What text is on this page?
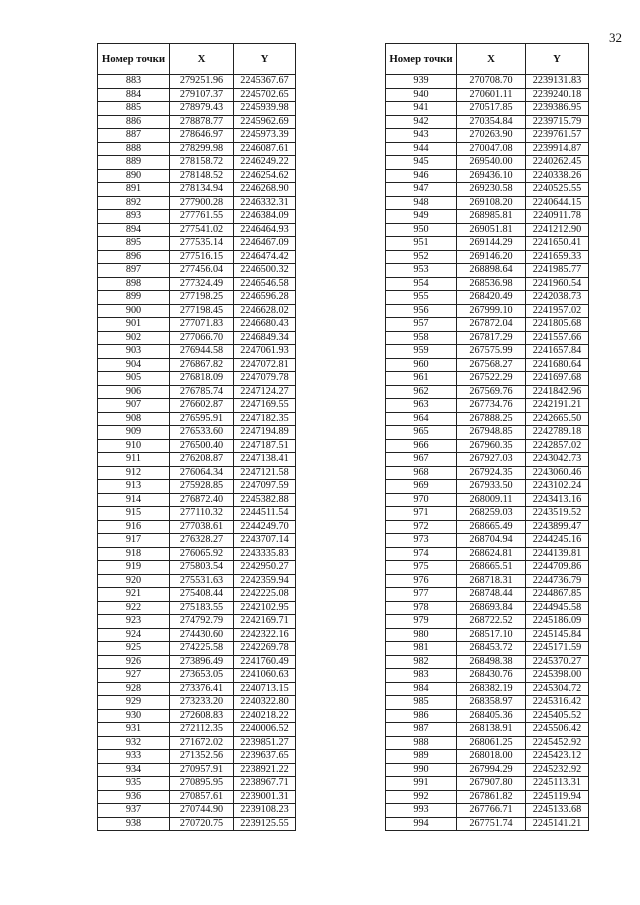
32
Номер точки	X	Y
883	279251.96	2245367.67
884	279107.37	2245702.65
885	278979.43	2245939.98
886	278878.77	2245962.69
887	278646.97	2245973.39
888	278299.98	2246087.61
889	278158.72	2246249.22
890	278148.52	2246254.62
891	278134.94	2246268.90
892	277900.28	2246332.31
893	277761.55	2246384.09
894	277541.02	2246464.93
895	277535.14	2246467.09
896	277516.15	2246474.42
897	277456.04	2246500.32
898	277324.49	2246546.58
899	277198.25	2246596.28
900	277198.45	2246628.02
901	277071.83	2246680.43
902	277066.70	2246849.34
903	276944.58	2247061.93
904	276867.82	2247072.81
905	276818.09	2247079.78
906	276785.74	2247124.27
907	276602.87	2247169.55
908	276595.91	2247182.35
909	276533.60	2247194.89
910	276500.40	2247187.51
911	276208.87	2247138.41
912	276064.34	2247121.58
913	275928.85	2247097.59
914	276872.40	2245382.88
915	277110.32	2244511.54
916	277038.61	2244249.70
917	276328.27	2243707.14
918	276065.92	2243335.83
919	275803.54	2242950.27
920	275531.63	2242359.94
921	275408.44	2242225.08
922	275183.55	2242102.95
923	274792.79	2242169.71
924	274430.60	2242322.16
925	274225.58	2242269.78
926	273896.49	2241760.49
927	273653.05	2241060.63
928	273376.41	2240713.15
929	273233.20	2240322.80
930	272608.83	2240218.22
931	272112.35	2240006.52
932	271672.02	2239851.27
933	271352.56	2239637.65
934	270957.91	2238921.22
935	270895.95	2238967.71
936	270857.61	2239001.31
937	270744.90	2239108.23
938	270720.75	2239125.55
Номер точки	X	Y
939	270708.70	2239131.83
940	270601.11	2239240.18
941	270517.85	2239386.95
942	270354.84	2239715.79
943	270263.90	2239761.57
944	270047.08	2239914.87
945	269540.00	2240262.45
946	269436.10	2240338.26
947	269230.58	2240525.55
948	269108.20	2240644.15
949	268985.81	2240911.78
950	269051.81	2241212.90
951	269144.29	2241650.41
952	269146.20	2241659.33
953	268898.64	2241985.77
954	268536.98	2241960.54
955	268420.49	2242038.73
956	267999.10	2241957.02
957	267872.04	2241805.68
958	267817.29	2241557.66
959	267575.99	2241657.84
960	267568.27	2241680.64
961	267522.29	2241697.68
962	267569.76	2241842.96
963	267734.76	2242191.21
964	267888.25	2242665.50
965	267948.85	2242789.18
966	267960.35	2242857.02
967	267927.03	2243042.73
968	267924.35	2243060.46
969	267933.50	2243102.24
970	268009.11	2243413.16
971	268259.03	2243519.52
972	268665.49	2243899.47
973	268704.94	2244245.16
974	268624.81	2244139.81
975	268665.51	2244709.86
976	268718.31	2244736.79
977	268748.44	2244867.85
978	268693.84	2244945.58
979	268722.52	2245186.09
980	268517.10	2245145.84
981	268453.72	2245171.59
982	268498.38	2245370.27
983	268430.76	2245398.00
984	268382.19	2245304.72
985	268358.97	2245316.42
986	268405.36	2245405.52
987	268138.91	2245506.42
988	268061.25	2245452.92
989	268018.00	2245423.12
990	267994.29	2245232.92
991	267907.80	2245113.31
992	267861.82	2245119.94
993	267766.71	2245133.68
994	267751.74	2245141.21
